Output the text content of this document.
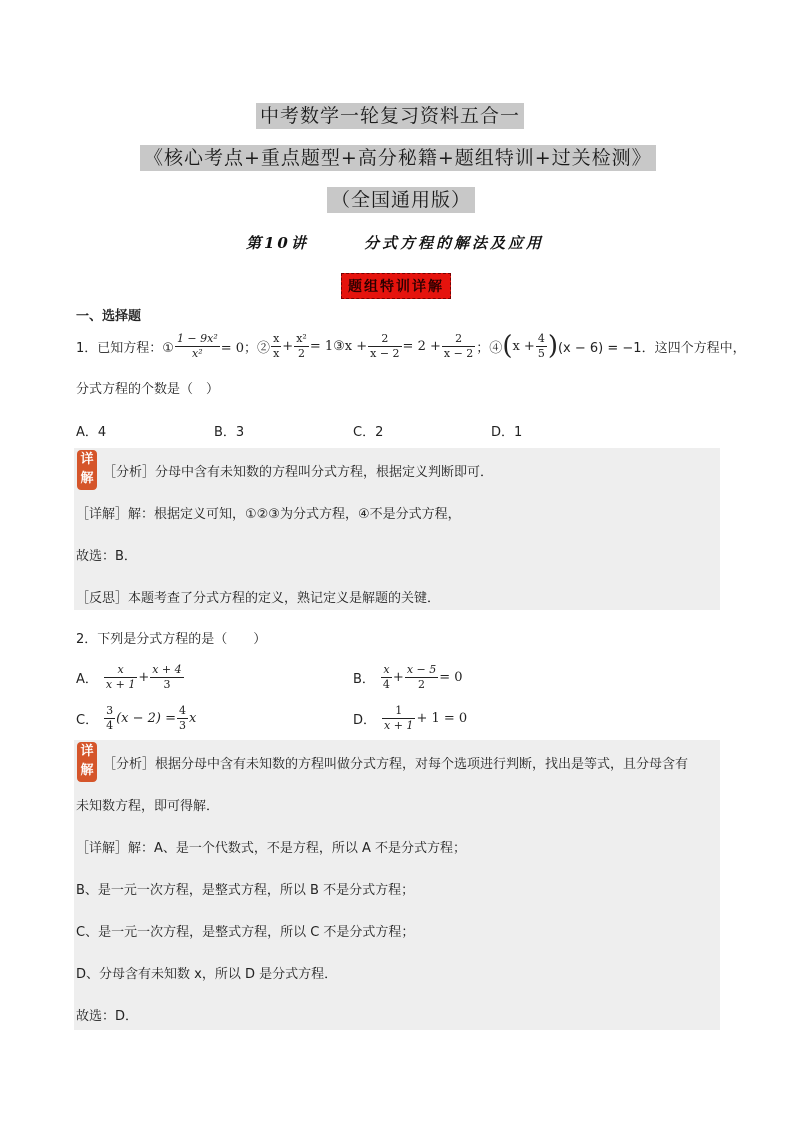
中考数学一轮复习资料五合一
《核心考点+重点题型+高分秘籍+题组特训+过关检测》
（全国通用版）
第10讲	分式方程的解法及应用
题组特训详解
一、选择题
1．已知方程：① $\frac{\text{1 − 9x²}}{\text{x²}} = 0$；② $\frac{x}{x} + \frac{\text{x²}}{2}$ = 1③x + $\frac{2}{x - 2} = 2 + \frac{2}{x - 2}$ ；④ ( $x + \frac{4}{5}$ ) (x − 6) = −1．这四个方程中，
分式方程的个数是（　）
A．4	B．3	C．2	D．1
详解 ［分析］分母中含有未知数的方程叫分式方程，根据定义判断即可．
［详解］解：根据定义可知，①②③为分式方程，④不是分式方程，
故选：B．
［反思］本题考查了分式方程的定义，熟记定义是解题的关键．
2．下列是分式方程的是（　　）
A． $\frac{x}{x + 1} + \frac{x + 4}{3}$	B． $\frac{x}{4} + \frac{x - 5}{2} = 0$
C． $\frac{3}{4} (x - 2) = \frac{4}{3}$ x	D． $\frac{1}{x + 1} + 1 = 0$
详解 ［分析］根据分母中含有未知数的方程叫做分式方程，对每个选项进行判断，找出是等式，且分母含有
未知数方程，即可得解．
［详解］解：A、是一个代数式，不是方程，所以 A 不是分式方程；
B、是一元一次方程，是整式方程，所以 B 不是分式方程；
C、是一元一次方程，是整式方程，所以 C 不是分式方程；
D、分母含有未知数 x，所以 D 是分式方程．
故选：D．
